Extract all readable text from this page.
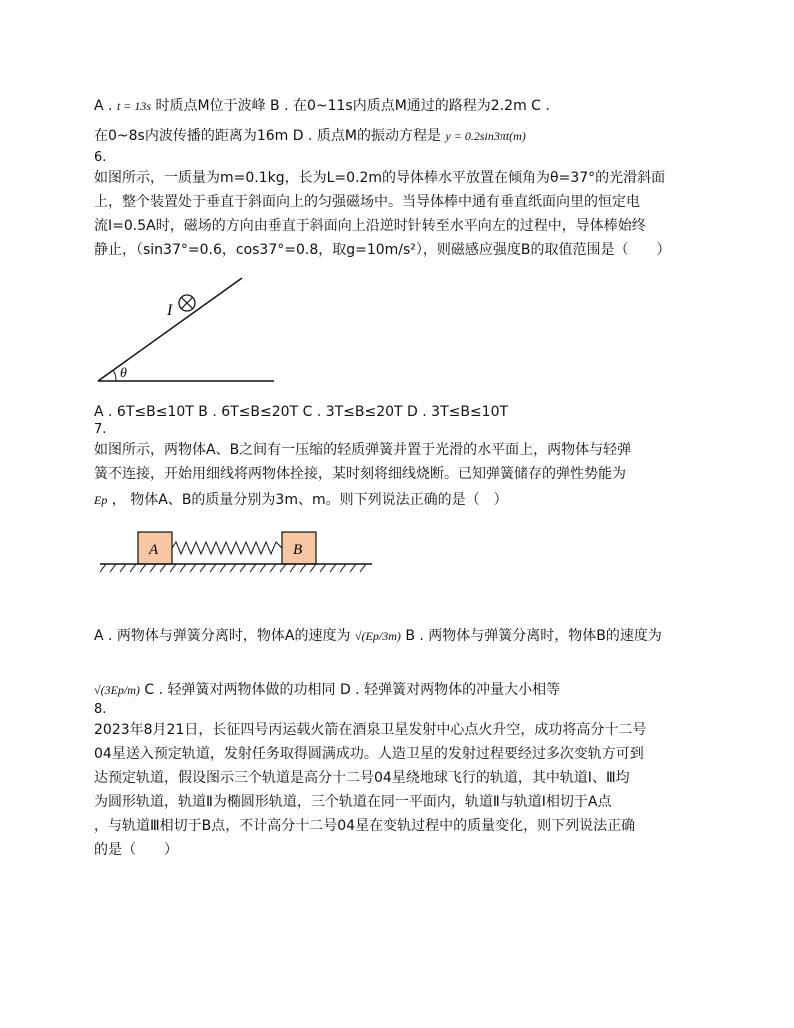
A . t = 13s 时质点M位于波峰 B . 在0~11s内质点M通过的路程为2.2m C .
在0~8s内波传播的距离为16m D . 质点M的振动方程是 y = 0.2sin3πt(m)
6.
如图所示，一质量为m=0.1kg，长为L=0.2m的导体棒水平放置在倾角为θ=37°的光滑斜面
上，整个装置处于垂直于斜面向上的匀强磁场中。当导体棒中通有垂直纸面向里的恒定电
流I=0.5A时，磁场的方向由垂直于斜面向上沿逆时针转至水平向左的过程中，导体棒始终
静止，（sin37°=0.6，cos37°=0.8，取g=10m/s²），则磁感应强度B的取值范围是（　　）
θ
I
A . 6T≤B≤10T B . 6T≤B≤20T C . 3T≤B≤20T D . 3T≤B≤10T
7.
如图所示，两物体A、B之间有一压缩的轻质弹簧并置于光滑的水平面上，两物体与轻弹
簧不连接，开始用细线将两物体拴接，某时刻将细线烧断。已知弹簧储存的弹性势能为
Ep ， 物体A、B的质量分别为3m、m。则下列说法正确的是（　）
A	B
A . 两物体与弹簧分离时，物体A的速度为 √(Ep/3m) B . 两物体与弹簧分离时，物体B的速度为
√(3Ep/m) C . 轻弹簧对两物体做的功相同 D . 轻弹簧对两物体的冲量大小相等
8.
2023年8月21日，长征四号丙运载火箭在酒泉卫星发射中心点火升空，成功将高分十二号
04星送入预定轨道，发射任务取得圆满成功。人造卫星的发射过程要经过多次变轨方可到
达预定轨道，假设图示三个轨道是高分十二号04星绕地球飞行的轨道，其中轨道Ⅰ、Ⅲ均
为圆形轨道，轨道Ⅱ为椭圆形轨道，三个轨道在同一平面内，轨道Ⅱ与轨道Ⅰ相切于A点
，与轨道Ⅲ相切于B点，不计高分十二号04星在变轨过程中的质量变化，则下列说法正确
的是（　　）
